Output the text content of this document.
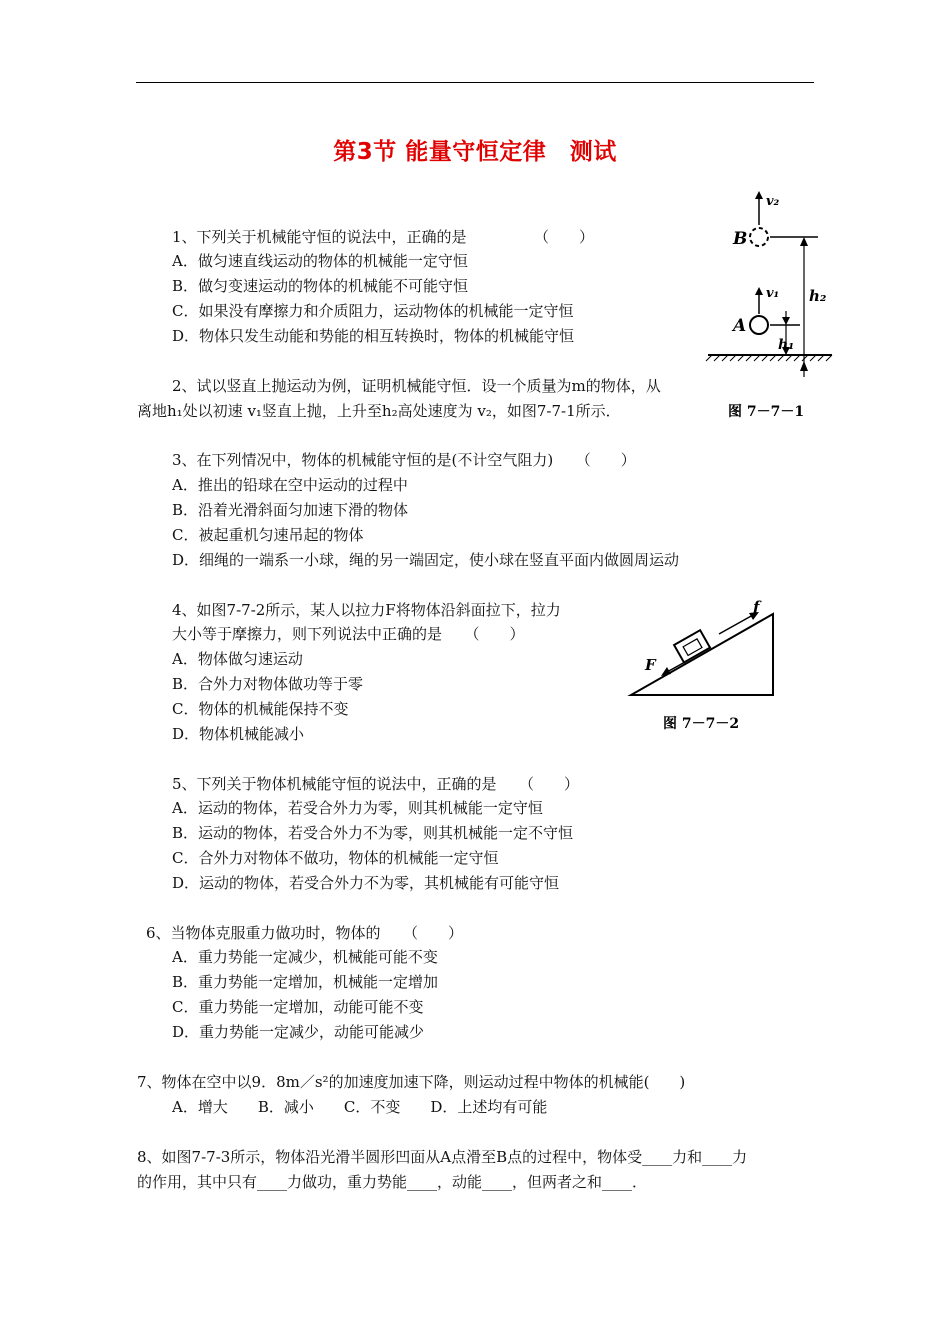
第3节 能量守恒定律　测试
1、下列关于机械能守恒的说法中，正确的是　　　　　（　　）
A．做匀速直线运动的物体的机械能一定守恒
B．做匀变速运动的物体的机械能不可能守恒
C．如果没有摩擦力和介质阻力，运动物体的机械能一定守恒
D．物体只发生动能和势能的相互转换时，物体的机械能守恒
2、试以竖直上抛运动为例，证明机械能守恒．设一个质量为m的物体，从
离地h₁处以初速 v₁竖直上抛，上升至h₂高处速度为 v₂，如图7-7-1所示．
3、在下列情况中，物体的机械能守恒的是(不计空气阻力)　　（　　）
A．推出的铅球在空中运动的过程中
B．沿着光滑斜面匀加速下滑的物体
C．被起重机匀速吊起的物体
D．细绳的一端系一小球，绳的另一端固定，使小球在竖直平面内做圆周运动
4、如图7-7-2所示，某人以拉力F将物体沿斜面拉下，拉力
大小等于摩擦力，则下列说法中正确的是　　（　　）
A．物体做匀速运动
B．合外力对物体做功等于零
C．物体的机械能保持不变
D．物体机械能减小
5、下列关于物体机械能守恒的说法中，正确的是　　（　　）
A．运动的物体，若受合外力为零，则其机械能一定守恒
B．运动的物体，若受合外力不为零，则其机械能一定不守恒
C．合外力对物体不做功，物体的机械能一定守恒
D．运动的物体，若受合外力不为零，其机械能有可能守恒
6、当物体克服重力做功时，物体的　　（　　）
A．重力势能一定减少，机械能可能不变
B．重力势能一定增加，机械能一定增加
C．重力势能一定增加，动能可能不变
D．重力势能一定减少，动能可能减少
7、物体在空中以9．8m／s²的加速度加速下降，则运动过程中物体的机械能(　　)
A．增大　　B．减小　　C．不变　　D．上述均有可能
8、如图7-7-3所示，物体沿光滑半圆形凹面从A点滑至B点的过程中，物体受____力和____力
的作用，其中只有____力做功，重力势能____，动能____，但两者之和____．
B
v₂
h₂
A
v₁
h₁
图 7－7－1
f
F
图 7－7－2
